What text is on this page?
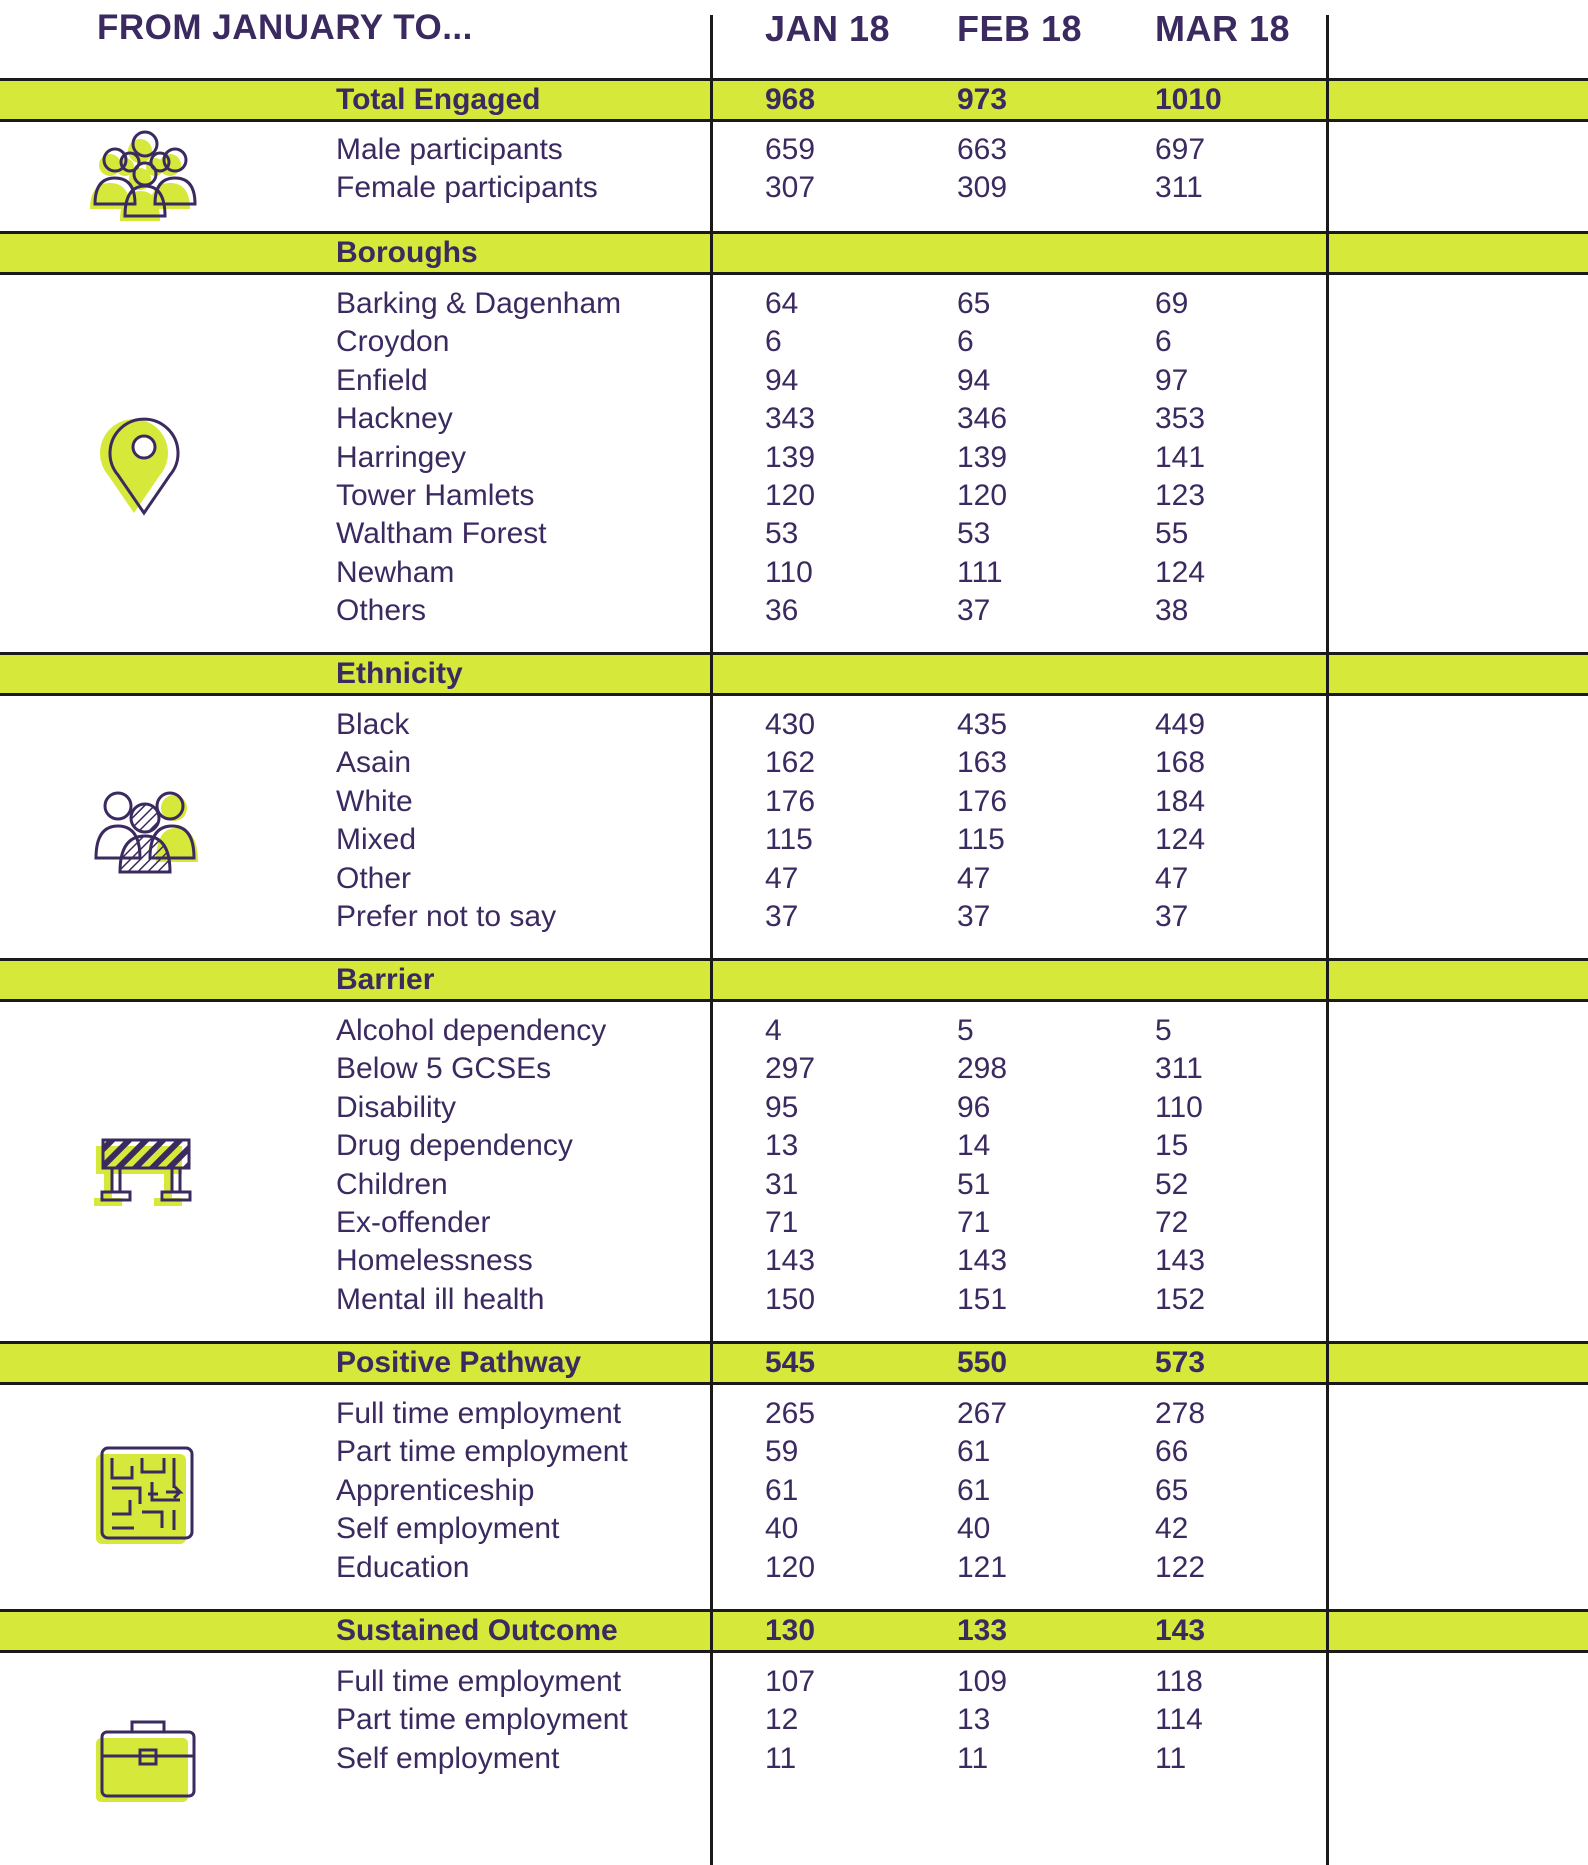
FROM JANUARY TO...	JAN 18 FEB 18 MAR 18
Total Engaged	968	973	1010
Male participants	659	663	697
Female participants	307	309	311
Boroughs
Barking & Dagenham	64	65	69
Croydon	6	6	6
Enfield	94	94	97
Hackney	343	346	353
Harringey	139	139	141
Tower Hamlets	120	120	123
Waltham Forest	53	53	55
Newham	110	111	124
Others	36	37	38
Ethnicity
Black	430	435	449
Asain	162	163	168
White	176	176	184
Mixed	115	115	124
Other	47	47	47
Prefer not to say	37	37	37
Barrier
Alcohol dependency	4	5	5
Below 5 GCSEs	297	298	311
Disability	95	96	110
Drug dependency	13	14	15
Children	31	51	52
Ex-offender	71	71	72
Homelessness	143	143	143
Mental ill health	150	151	152
Positive Pathway	545	550	573
Full time employment	265	267	278
Part time employment	59	61	66
Apprenticeship	61	61	65
Self employment	40	40	42
Education	120	121	122
Sustained Outcome	130	133	143
Full time employment	107	109	118
Part time employment	12	13	114
Self employment	11	11	11
